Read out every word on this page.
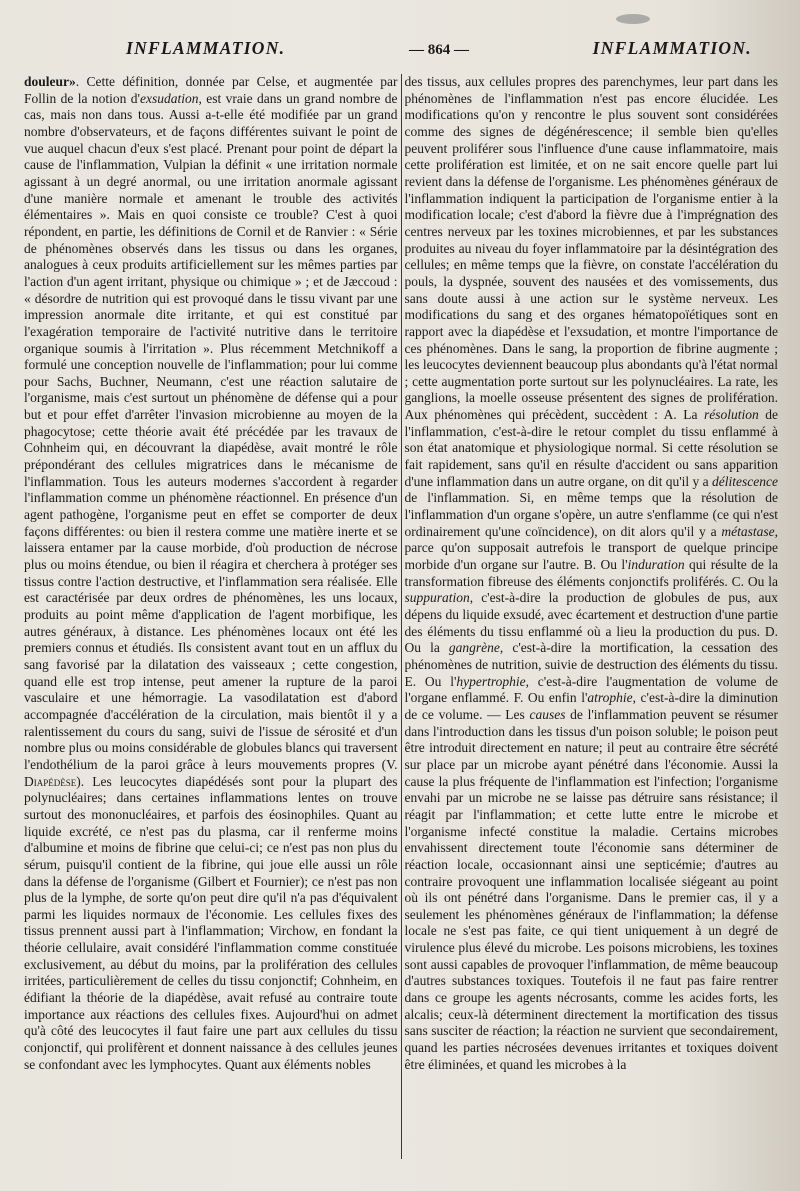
INFLAMMATION.	— 864 —	INFLAMMATION.

douleur». Cette définition, donnée par Celse, et augmentée par Follin de la notion d'exsudation, est vraie dans un grand nombre de cas, mais non dans tous. Aussi a-t-elle été modifiée par un grand nombre d'observateurs, et de façons différentes suivant le point de vue auquel chacun d'eux s'est placé. Prenant pour point de départ la cause de l'inflammation, Vulpian la définit « une irritation normale agissant à un degré anormal, ou une irritation anormale agissant d'une manière normale et amenant le trouble des activités élémentaires ». Mais en quoi consiste ce trouble? C'est à quoi répondent, en partie, les définitions de Cornil et de Ranvier : « Série de phénomènes observés dans les tissus ou dans les organes, analogues à ceux produits artificiellement sur les mêmes parties par l'action d'un agent irritant, physique ou chimique » ; et de Jæccoud : « désordre de nutrition qui est provoqué dans le tissu vivant par une impression anormale dite irritante, et qui est constitué par l'exagération temporaire de l'activité nutritive dans le territoire organique soumis à l'irritation ». Plus récemment Metchnikoff a formulé une conception nouvelle de l'inflammation; pour lui comme pour Sachs, Buchner, Neumann, c'est une réaction salutaire de l'organisme, mais c'est surtout un phénomène de défense qui a pour but et pour effet d'arrêter l'invasion microbienne au moyen de la phagocytose; cette théorie avait été précédée par les travaux de Cohnheim qui, en découvrant la diapédèse, avait montré le rôle prépondérant des cellules migratrices dans le mécanisme de l'inflammation. Tous les auteurs modernes s'accordent à regarder l'inflammation comme un phénomène réactionnel. En présence d'un agent pathogène, l'organisme peut en effet se comporter de deux façons différentes: ou bien il restera comme une matière inerte et se laissera entamer par la cause morbide, d'où production de nécrose plus ou moins étendue, ou bien il réagira et cherchera à protéger ses tissus contre l'action destructive, et l'inflammation sera réalisée. Elle est caractérisée par deux ordres de phénomènes, les uns locaux, produits au point même d'application de l'agent morbifique, les autres généraux, à distance. Les phénomènes locaux ont été les premiers connus et étudiés. Ils consistent avant tout en un afflux du sang favorisé par la dilatation des vaisseaux ; cette congestion, quand elle est trop intense, peut amener la rupture de la paroi vasculaire et une hémorragie. La vasodilatation est d'abord accompagnée d'accélération de la circulation, mais bientôt il y a ralentissement du cours du sang, suivi de l'issue de sérosité et d'un nombre plus ou moins considérable de globules blancs qui traversent l'endothélium de la paroi grâce à leurs mouvements propres (V. Diapédèse). Les leucocytes diapédésés sont pour la plupart des polynucléaires; dans certaines inflammations lentes on trouve surtout des mononucléaires, et parfois des éosinophiles. Quant au liquide excrété, ce n'est pas du plasma, car il renferme moins d'albumine et moins de fibrine que celui-ci; ce n'est pas non plus du sérum, puisqu'il contient de la fibrine, qui joue elle aussi un rôle dans la défense de l'organisme (Gilbert et Fournier); ce n'est pas non plus de la lymphe, de sorte qu'on peut dire qu'il n'a pas d'équivalent parmi les liquides normaux de l'économie. Les cellules fixes des tissus prennent aussi part à l'inflammation; Virchow, en fondant la théorie cellulaire, avait considéré l'inflammation comme constituée exclusivement, au début du moins, par la prolifération des cellules irritées, particulièrement de celles du tissu conjonctif; Cohnheim, en édifiant la théorie de la diapédèse, avait refusé au contraire toute importance aux réactions des cellules fixes. Aujourd'hui on admet qu'à côté des leucocytes il faut faire une part aux cellules du tissu conjonctif, qui prolifèrent et donnent naissance à des cellules jeunes se confondant avec les lymphocytes. Quant aux éléments nobles

des tissus, aux cellules propres des parenchymes, leur part dans les phénomènes de l'inflammation n'est pas encore élucidée. Les modifications qu'on y rencontre le plus souvent sont considérées comme des signes de dégénérescence; il semble bien qu'elles peuvent proliférer sous l'influence d'une cause inflammatoire, mais cette prolifération est limitée, et on ne sait encore quelle part lui revient dans la défense de l'organisme. Les phénomènes généraux de l'inflammation indiquent la participation de l'organisme entier à la modification locale; c'est d'abord la fièvre due à l'imprégnation des centres nerveux par les toxines microbiennes, et par les substances produites au niveau du foyer inflammatoire par la désintégration des cellules; en même temps que la fièvre, on constate l'accélération du pouls, la dyspnée, souvent des nausées et des vomissements, dus sans doute aussi à une action sur le système nerveux. Les modifications du sang et des organes hématopoïétiques sont en rapport avec la diapédèse et l'exsudation, et montre l'importance de ces phénomènes. Dans le sang, la proportion de fibrine augmente ; les leucocytes deviennent beaucoup plus abondants qu'à l'état normal ; cette augmentation porte surtout sur les polynucléaires. La rate, les ganglions, la moelle osseuse présentent des signes de prolifération. Aux phénomènes qui précèdent, succèdent : A. La résolution de l'inflammation, c'est-à-dire le retour complet du tissu enflammé à son état anatomique et physiologique normal. Si cette résolution se fait rapidement, sans qu'il en résulte d'accident ou sans apparition d'une inflammation dans un autre organe, on dit qu'il y a délitescence de l'inflammation. Si, en même temps que la résolution de l'inflammation d'un organe s'opère, un autre s'enflamme (ce qui n'est ordinairement qu'une coïncidence), on dit alors qu'il y a métastase, parce qu'on supposait autrefois le transport de quelque principe morbide d'un organe sur l'autre. B. Ou l'induration qui résulte de la transformation fibreuse des éléments conjonctifs proliférés. C. Ou la suppuration, c'est-à-dire la production de globules de pus, aux dépens du liquide exsudé, avec écartement et destruction d'une partie des éléments du tissu enflammé où a lieu la production du pus. D. Ou la gangrène, c'est-à-dire la mortification, la cessation des phénomènes de nutrition, suivie de destruction des éléments du tissu. E. Ou l'hypertrophie, c'est-à-dire l'augmentation de volume de l'organe enflammé. F. Ou enfin l'atrophie, c'est-à-dire la diminution de ce volume. — Les causes de l'inflammation peuvent se résumer dans l'introduction dans les tissus d'un poison soluble; le poison peut être introduit directement en nature; il peut au contraire être sécrété sur place par un microbe ayant pénétré dans l'économie. Aussi la cause la plus fréquente de l'inflammation est l'infection; l'organisme envahi par un microbe ne se laisse pas détruire sans résistance; il réagit par l'inflammation; et cette lutte entre le microbe et l'organisme infecté constitue la maladie. Certains microbes envahissent directement toute l'économie sans déterminer de réaction locale, occasionnant ainsi une septicémie; d'autres au contraire provoquent une inflammation localisée siégeant au point où ils ont pénétré dans l'organisme. Dans le premier cas, il y a seulement les phénomènes généraux de l'inflammation; la défense locale ne s'est pas faite, ce qui tient uniquement à un degré de virulence plus élevé du microbe. Les poisons microbiens, les toxines sont aussi capables de provoquer l'inflammation, de même beaucoup d'autres substances toxiques. Toutefois il ne faut pas faire rentrer dans ce groupe les agents nécrosants, comme les acides forts, les alcalis; ceux-là déterminent directement la mortification des tissus sans susciter de réaction; la réaction ne survient que secondairement, quand les parties nécrosées devenues irritantes et toxiques doivent être éliminées, et quand les microbes à la
